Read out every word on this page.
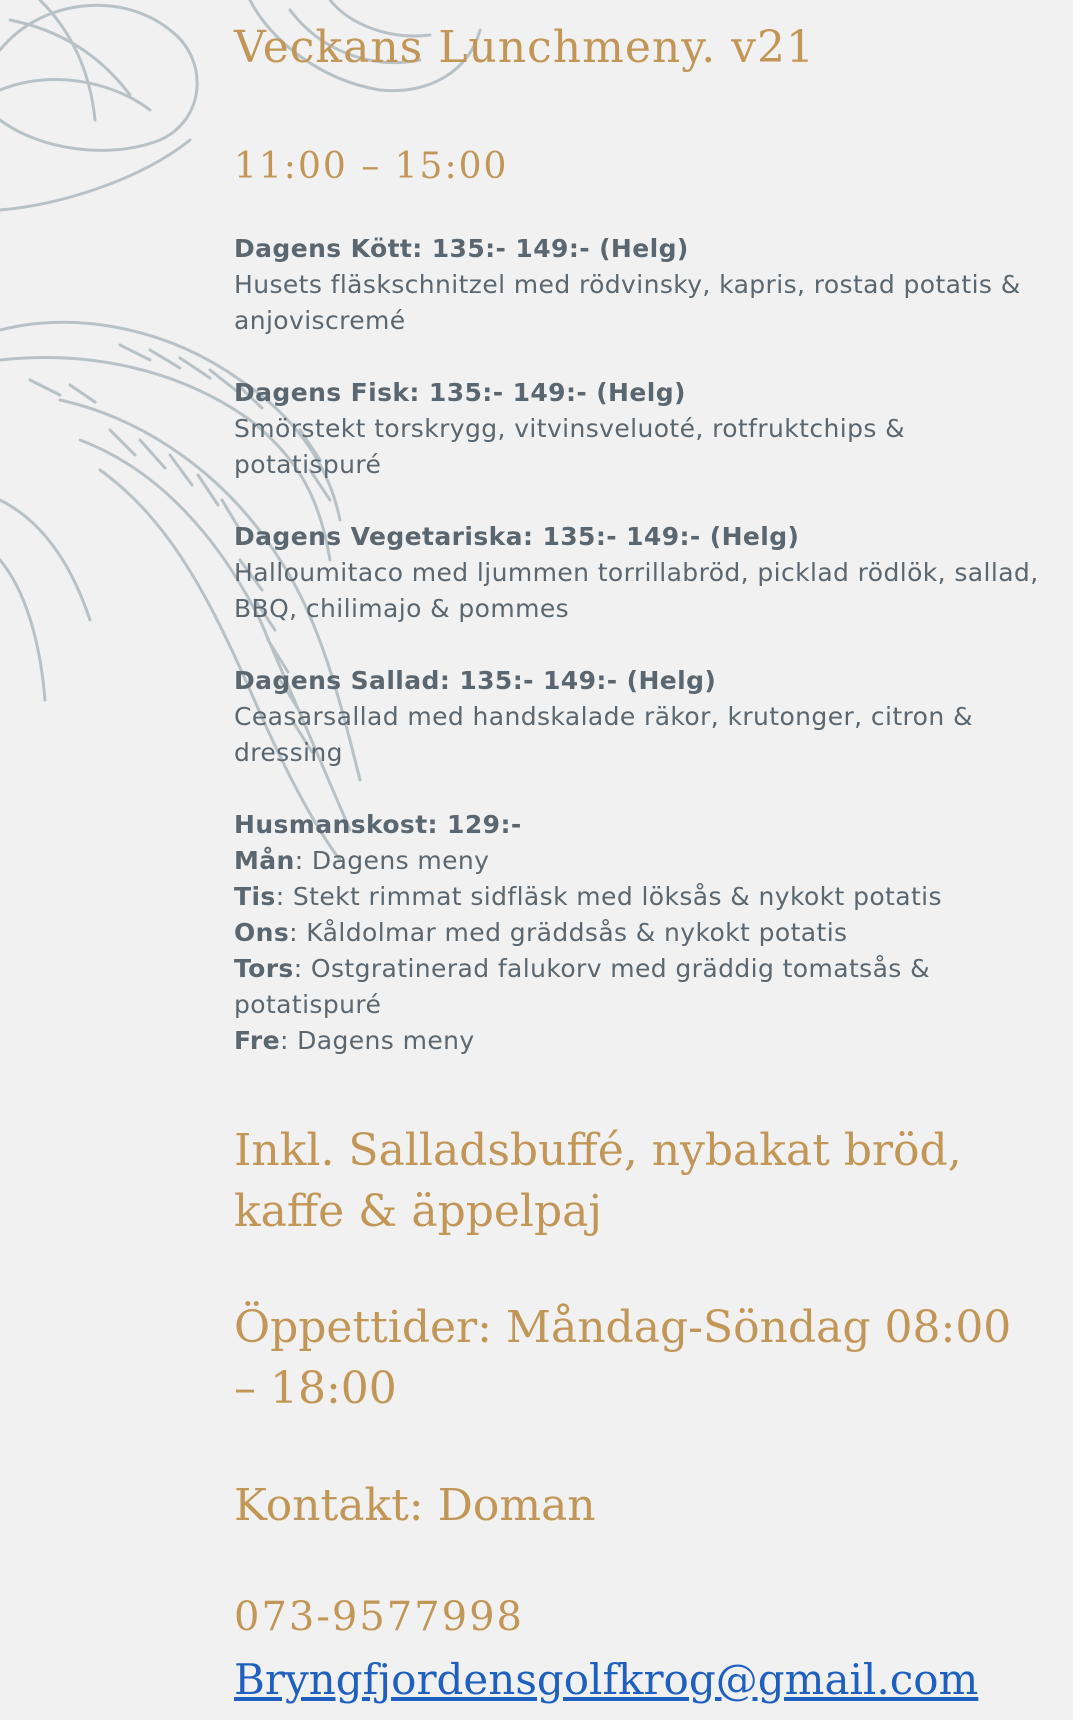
Veckans Lunchmeny. v21
11:00 – 15:00
Dagens Kött: 135:- 149:- (Helg)
Husets fläskschnitzel med rödvinsky, kapris, rostad potatis & anjoviscremé
Dagens Fisk: 135:- 149:- (Helg)
Smörstekt torskrygg, vitvinsveluoté, rotfruktchips & potatispuré
Dagens Vegetariska: 135:- 149:- (Helg)
Halloumitaco med ljummen torrillabröd, picklad rödlök, sallad, BBQ, chilimajo & pommes
Dagens Sallad: 135:- 149:- (Helg)
Ceasarsallad med handskalade räkor, krutonger, citron & dressing
Husmanskost: 129:-
Mån: Dagens meny
Tis: Stekt rimmat sidfläsk med löksås & nykokt potatis
Ons: Kåldolmar med gräddsås & nykokt potatis
Tors: Ostgratinerad falukorv med gräddig tomatsås & potatispuré
Fre: Dagens meny
Inkl. Salladsbuffé, nybakat bröd, kaffe & äppelpaj
Öppettider: Måndag-Söndag 08:00 – 18:00
Kontakt: Doman
073-9577998
Bryngfjordensgolfkrog@gmail.com
